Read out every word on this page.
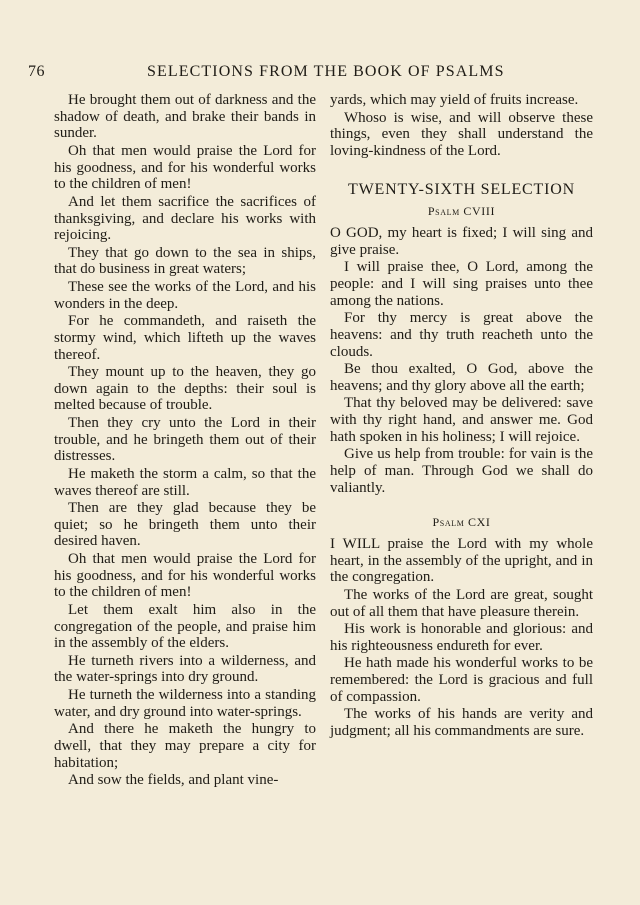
76	SELECTIONS FROM THE BOOK OF PSALMS

He brought them out of darkness and the shadow of death, and brake their bands in sunder.

Oh that men would praise the Lord for his goodness, and for his wonderful works to the children of men!

And let them sacrifice the sacrifices of thanksgiving, and declare his works with rejoicing.

They that go down to the sea in ships, that do business in great waters;

These see the works of the Lord, and his wonders in the deep.

For he commandeth, and raiseth the stormy wind, which lifteth up the waves thereof.

They mount up to the heaven, they go down again to the depths: their soul is melted because of trouble.

Then they cry unto the Lord in their trouble, and he bringeth them out of their distresses.

He maketh the storm a calm, so that the waves thereof are still.

Then are they glad because they be quiet; so he bringeth them unto their desired haven.

Oh that men would praise the Lord for his goodness, and for his wonderful works to the children of men!

Let them exalt him also in the congregation of the people, and praise him in the assembly of the elders.

He turneth rivers into a wilderness, and the water-springs into dry ground.

He turneth the wilderness into a standing water, and dry ground into water-springs.

And there he maketh the hungry to dwell, that they may prepare a city for habitation;

And sow the fields, and plant vine-

yards, which may yield of fruits increase.

Whoso is wise, and will observe these things, even they shall understand the loving-kindness of the Lord.

TWENTY-SIXTH SELECTION
Psalm CVIII

O GOD, my heart is fixed; I will sing and give praise.

I will praise thee, O Lord, among the people: and I will sing praises unto thee among the nations.

For thy mercy is great above the heavens: and thy truth reacheth unto the clouds.

Be thou exalted, O God, above the heavens; and thy glory above all the earth;

That thy beloved may be delivered: save with thy right hand, and answer me. God hath spoken in his holiness; I will rejoice.

Give us help from trouble: for vain is the help of man. Through God we shall do valiantly.

Psalm CXI

I WILL praise the Lord with my whole heart, in the assembly of the upright, and in the congregation.

The works of the Lord are great, sought out of all them that have pleasure therein.

His work is honorable and glorious: and his righteousness endureth for ever.

He hath made his wonderful works to be remembered: the Lord is gracious and full of compassion.

The works of his hands are verity and judgment; all his commandments are sure.
